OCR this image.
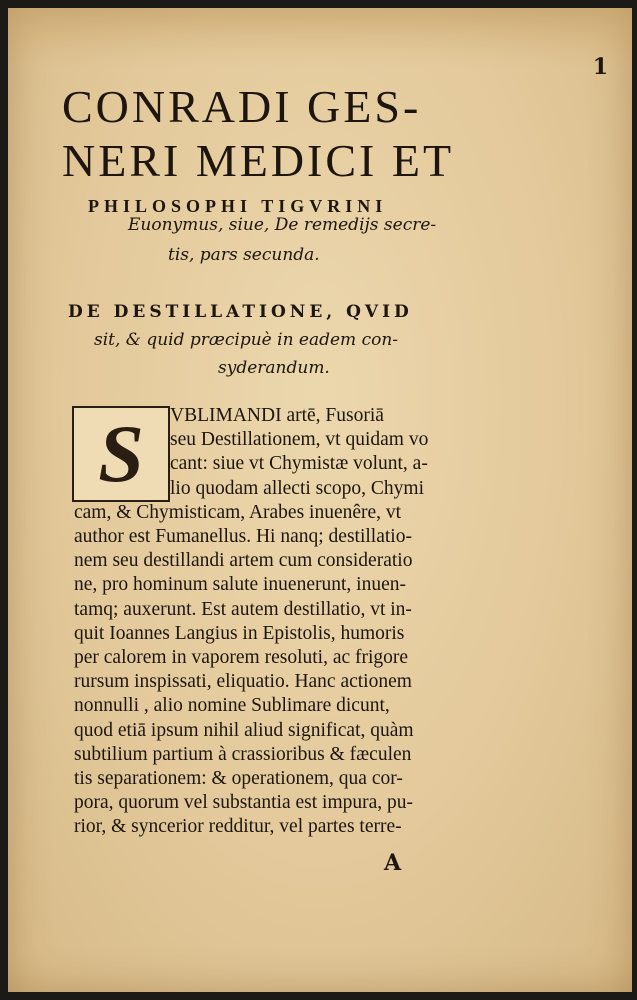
1
CONRADI GES-
NERI MEDICI ET
PHILOSOPHI TIGVRINI
Euonymus, siue, De remedijs secre-
tis, pars secunda.
DE DESTILLATIONE, QVID
sit, & quid præcipuè in eadem con-
syderandum.
S	VBLIMANDI artē, Fusoriā
seu Destillationem, vt quidam vo
cant: siue vt Chymistæ volunt, a-
lio quodam allecti scopo, Chymi
cam, & Chymisticam, Arabes inuenêre, vt
author est Fumanellus. Hi nanq; destillatio-
nem seu destillandi artem cum consideratio
ne, pro hominum salute inuenerunt, inuen-
tamq; auxerunt. Est autem destillatio, vt in-
quit Ioannes Langius in Epistolis, humoris
per calorem in vaporem resoluti, ac frigore
rursum inspissati, eliquatio. Hanc actionem
nonnulli , alio nomine Sublimare dicunt,
quod etiā ipsum nihil aliud significat, quàm
subtilium partium à crassioribus & fæculen
tis separationem: & operationem, qua cor-
pora, quorum vel substantia est impura, pu-
rior, & syncerior redditur, vel partes terre-
A
